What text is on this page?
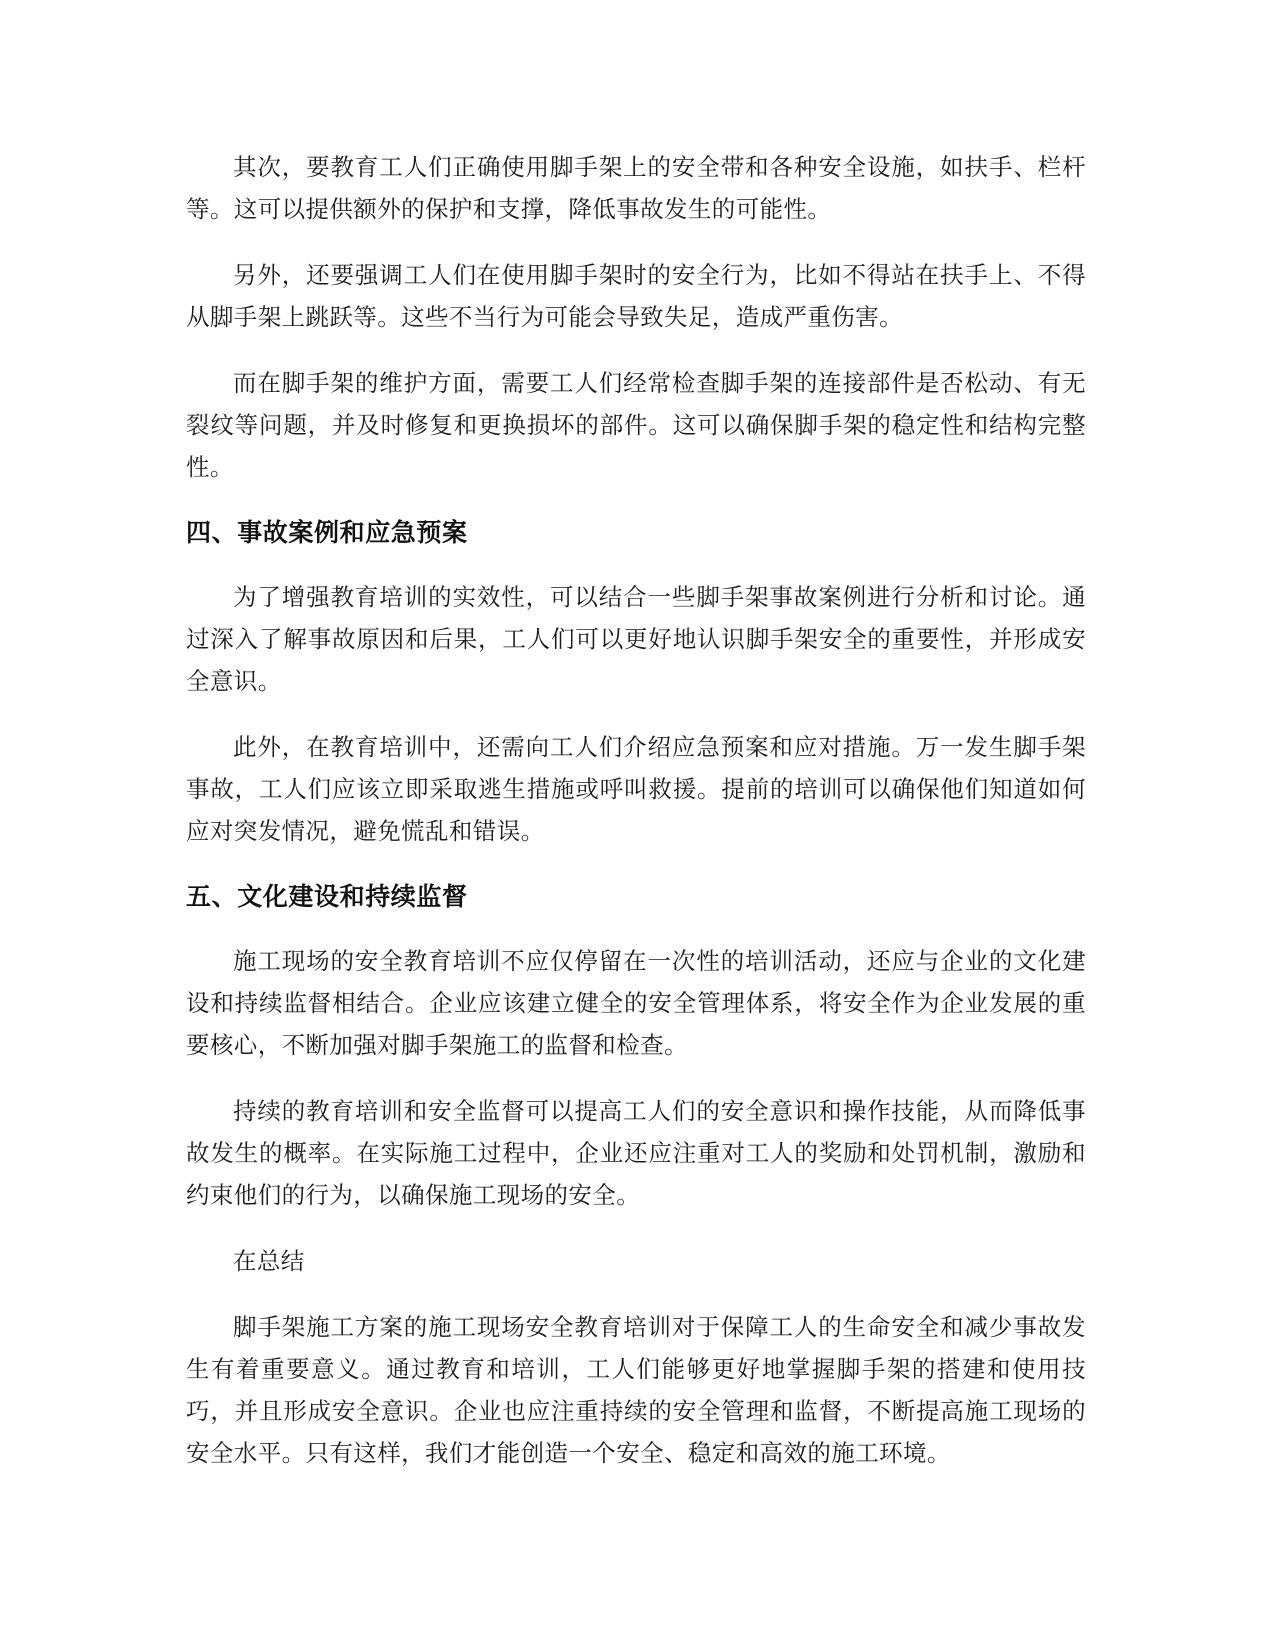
其次，要教育工人们正确使用脚手架上的安全带和各种安全设施，如扶手、栏杆等。这可以提供额外的保护和支撑，降低事故发生的可能性。

另外，还要强调工人们在使用脚手架时的安全行为，比如不得站在扶手上、不得从脚手架上跳跃等。这些不当行为可能会导致失足，造成严重伤害。

而在脚手架的维护方面，需要工人们经常检查脚手架的连接部件是否松动、有无裂纹等问题，并及时修复和更换损坏的部件。这可以确保脚手架的稳定性和结构完整性。

四、事故案例和应急预案

为了增强教育培训的实效性，可以结合一些脚手架事故案例进行分析和讨论。通过深入了解事故原因和后果，工人们可以更好地认识脚手架安全的重要性，并形成安全意识。

此外，在教育培训中，还需向工人们介绍应急预案和应对措施。万一发生脚手架事故，工人们应该立即采取逃生措施或呼叫救援。提前的培训可以确保他们知道如何应对突发情况，避免慌乱和错误。

五、文化建设和持续监督

施工现场的安全教育培训不应仅停留在一次性的培训活动，还应与企业的文化建设和持续监督相结合。企业应该建立健全的安全管理体系，将安全作为企业发展的重要核心，不断加强对脚手架施工的监督和检查。

持续的教育培训和安全监督可以提高工人们的安全意识和操作技能，从而降低事故发生的概率。在实际施工过程中，企业还应注重对工人的奖励和处罚机制，激励和约束他们的行为，以确保施工现场的安全。

在总结

脚手架施工方案的施工现场安全教育培训对于保障工人的生命安全和减少事故发生有着重要意义。通过教育和培训，工人们能够更好地掌握脚手架的搭建和使用技巧，并且形成安全意识。企业也应注重持续的安全管理和监督，不断提高施工现场的安全水平。只有这样，我们才能创造一个安全、稳定和高效的施工环境。
